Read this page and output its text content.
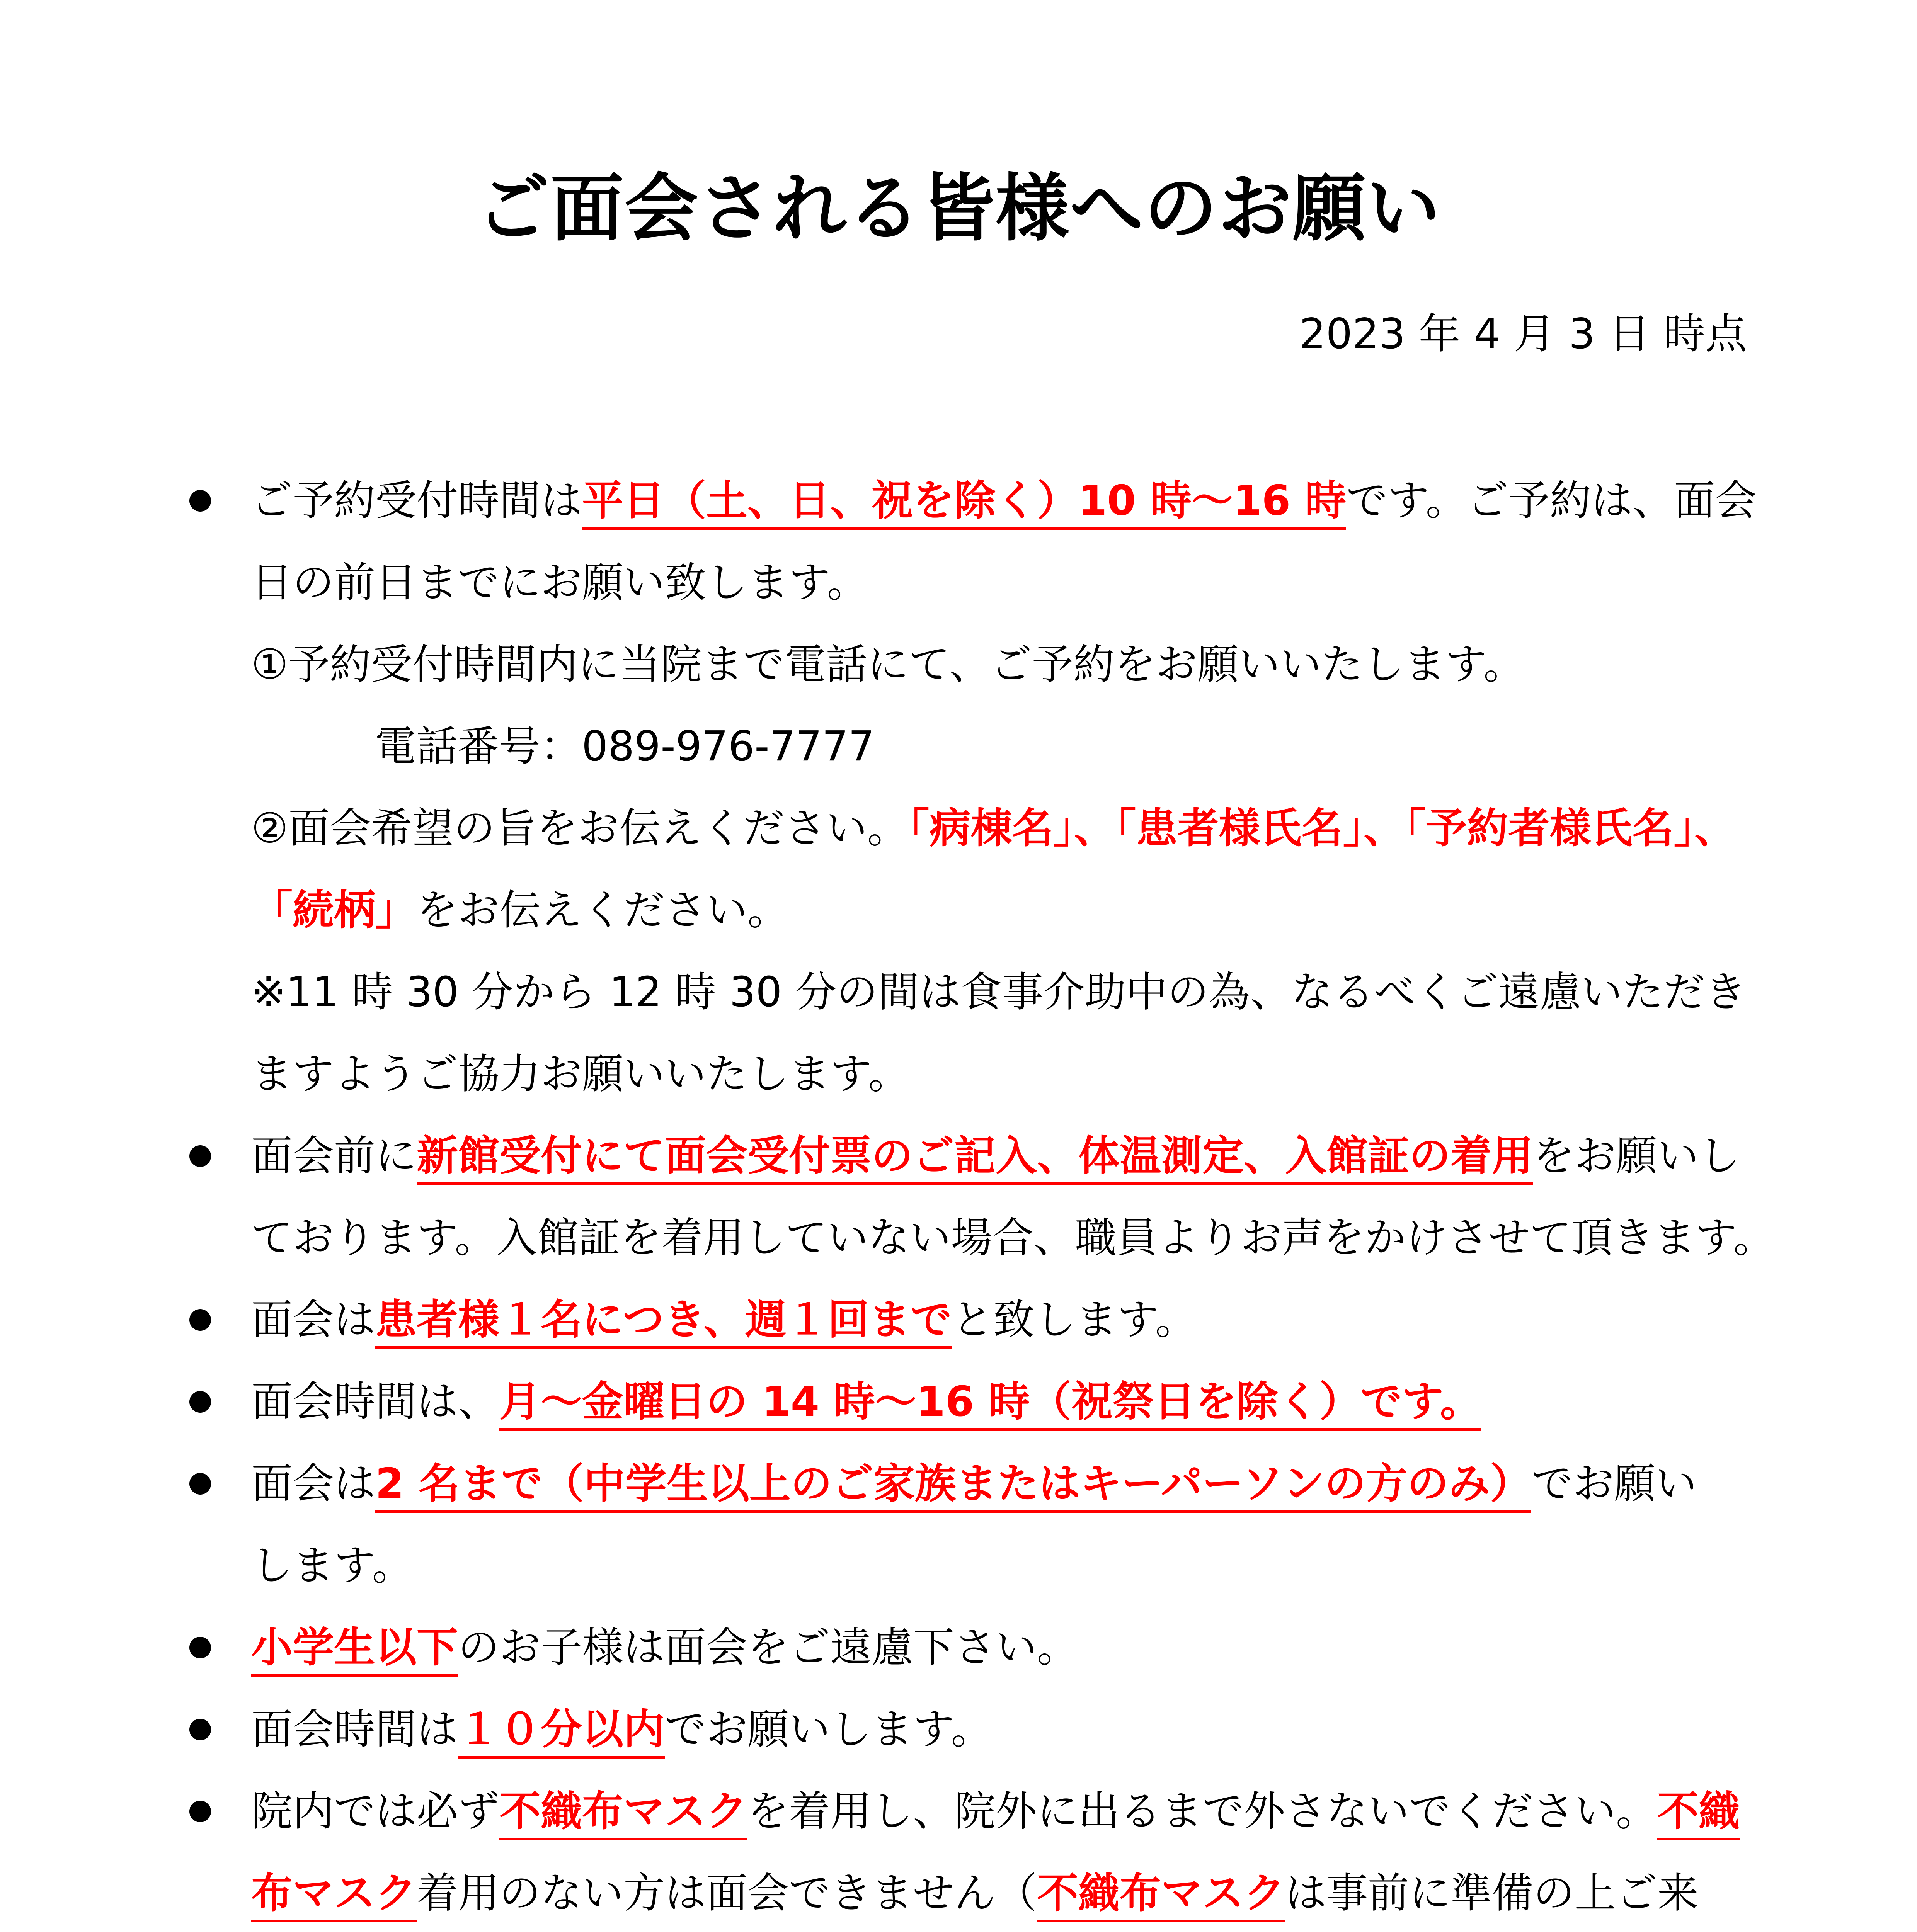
ご面会される皆様へのお願い
2023 年 4 月 3 日 時点
ご予約受付時間は平日（土、日、祝を除く）10 時～16 時です。ご予約は、面会
日の前日までにお願い致します。
①予約受付時間内に当院まで電話にて、ご予約をお願いいたします。
電話番号：089-976-7777
②面会希望の旨をお伝えください。「病棟名」、「患者様氏名」、「予約者様氏名」、
「続柄」をお伝えください。
※11 時 30 分から 12 時 30 分の間は食事介助中の為、なるべくご遠慮いただき
ますようご協力お願いいたします。
面会前に新館受付にて面会受付票のご記入、体温測定、入館証の着用をお願いし
ております。入館証を着用していない場合、職員よりお声をかけさせて頂きます。
面会は患者様１名につき、週１回までと致します。
面会時間は、月～金曜日の 14 時～16 時（祝祭日を除く）です。
面会は2 名まで（中学生以上のご家族またはキーパーソンの方のみ）でお願い
します。
小学生以下のお子様は面会をご遠慮下さい。
面会時間は１０分以内でお願いします。
院内では必ず不織布マスクを着用し、院外に出るまで外さないでください。不織
布マスク着用のない方は面会できません（不織布マスクは事前に準備の上ご来
